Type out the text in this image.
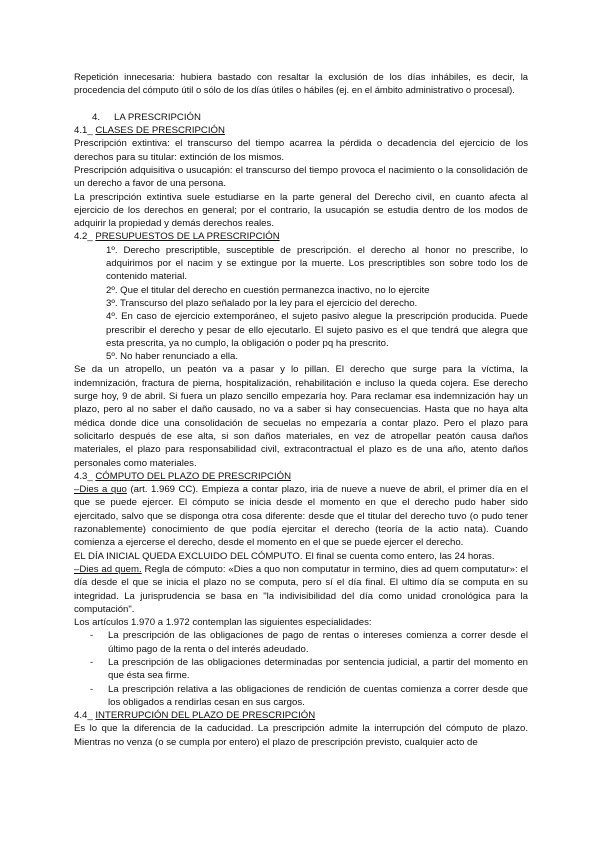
Repetición innecesaria: hubiera bastado con resaltar la exclusión de los días inhábiles, es decir, la procedencia del cómputo útil o sólo de los días útiles o hábiles (ej. en el ámbito administrativo o procesal).

4. LA PRESCRIPCIÓN

4.1_ CLASES DE PRESCRIPCIÓN

Prescripción extintiva: el transcurso del tiempo acarrea la pérdida o decadencia del ejercicio de los derechos para su titular: extinción de los mismos.

Prescripción adquisitiva o usucapión: el transcurso del tiempo provoca el nacimiento o la consolidación de un derecho a favor de una persona.

La prescripción extintiva suele estudiarse en la parte general del Derecho civil, en cuanto afecta al ejercicio de los derechos en general; por el contrario, la usucapión se estudia dentro de los modos de adquirir la propiedad y demás derechos reales.

4.2_ PRESUPUESTOS DE LA PRESCRIPCIÓN

1º. Derecho prescriptible, susceptible de prescripción. el derecho al honor no prescribe, lo adquirimos por el nacim y se extingue por la muerte. Los prescriptibles son sobre todo los de contenido material.

2º. Que el titular del derecho en cuestión permanezca inactivo, no lo ejercite

3º. Transcurso del plazo señalado por la ley para el ejercicio del derecho.

4º. En caso de ejercicio extemporáneo, el sujeto pasivo alegue la prescripción producida. Puede prescribir el derecho y pesar de ello ejecutarlo. El sujeto pasivo es el que tendrá que alegra que esta prescrita, ya no cumplo, la obligación o poder pq ha prescrito.

5º. No haber renunciado a ella.

Se da un atropello, un peatón va a pasar y lo pillan. El derecho que surge para la víctima, la indemnización, fractura de pierna, hospitalización, rehabilitación e incluso la queda cojera. Ese derecho surge hoy, 9 de abril. Si fuera un plazo sencillo empezaría hoy. Para reclamar esa indemnización hay un plazo, pero al no saber el daño causado, no va a saber si hay consecuencias. Hasta que no haya alta médica donde dice una consolidación de secuelas no empezaría a contar plazo. Pero el plazo para solicitarlo después de ese alta, si son daños materiales, en vez de atropellar peatón causa daños materiales, el plazo para responsabilidad civil, extracontractual el plazo es de una año, atento daños personales como materiales.

4.3_ CÓMPUTO DEL PLAZO DE PRESCRIPCIÓN

–Dies a quo (art. 1.969 CC). Empieza a contar plazo, iria de nueve a nueve de abril, el primer día en el que se puede ejercer. El cómputo se inicia desde el momento en que el derecho pudo haber sido ejercitado, salvo que se disponga otra cosa diferente: desde que el titular del derecho tuvo (o pudo tener razonablemente) conocimiento de que podía ejercitar el derecho (teoría de la actio nata). Cuando comienza a ejercerse el derecho, desde el momento en el que se puede ejercer el derecho.

EL DÍA INICIAL QUEDA EXCLUIDO DEL CÓMPUTO. El final se cuenta como entero, las 24 horas.

–Dies ad quem. Regla de cómputo: «Dies a quo non computatur in termino, dies ad quem computatur»: el día desde el que se inicia el plazo no se computa, pero sí el día final. El ultimo día se computa en su integridad. La jurisprudencia se basa en "la indivisibilidad del día como unidad cronológica para la computación".

Los artículos 1.970 a 1.972 contemplan las siguientes especialidades:

- La prescripción de las obligaciones de pago de rentas o intereses comienza a correr desde el último pago de la renta o del interés adeudado.
- La prescripción de las obligaciones determinadas por sentencia judicial, a partir del momento en que ésta sea firme.
- La prescripción relativa a las obligaciones de rendición de cuentas comienza a correr desde que los obligados a rendirlas cesan en sus cargos.

4.4_ INTERRUPCIÓN DEL PLAZO DE PRESCRIPCIÓN

Es lo que la diferencia de la caducidad. La prescripción admite la interrupción del cómputo de plazo. Mientras no venza (o se cumpla por entero) el plazo de prescripción previsto, cualquier acto de
